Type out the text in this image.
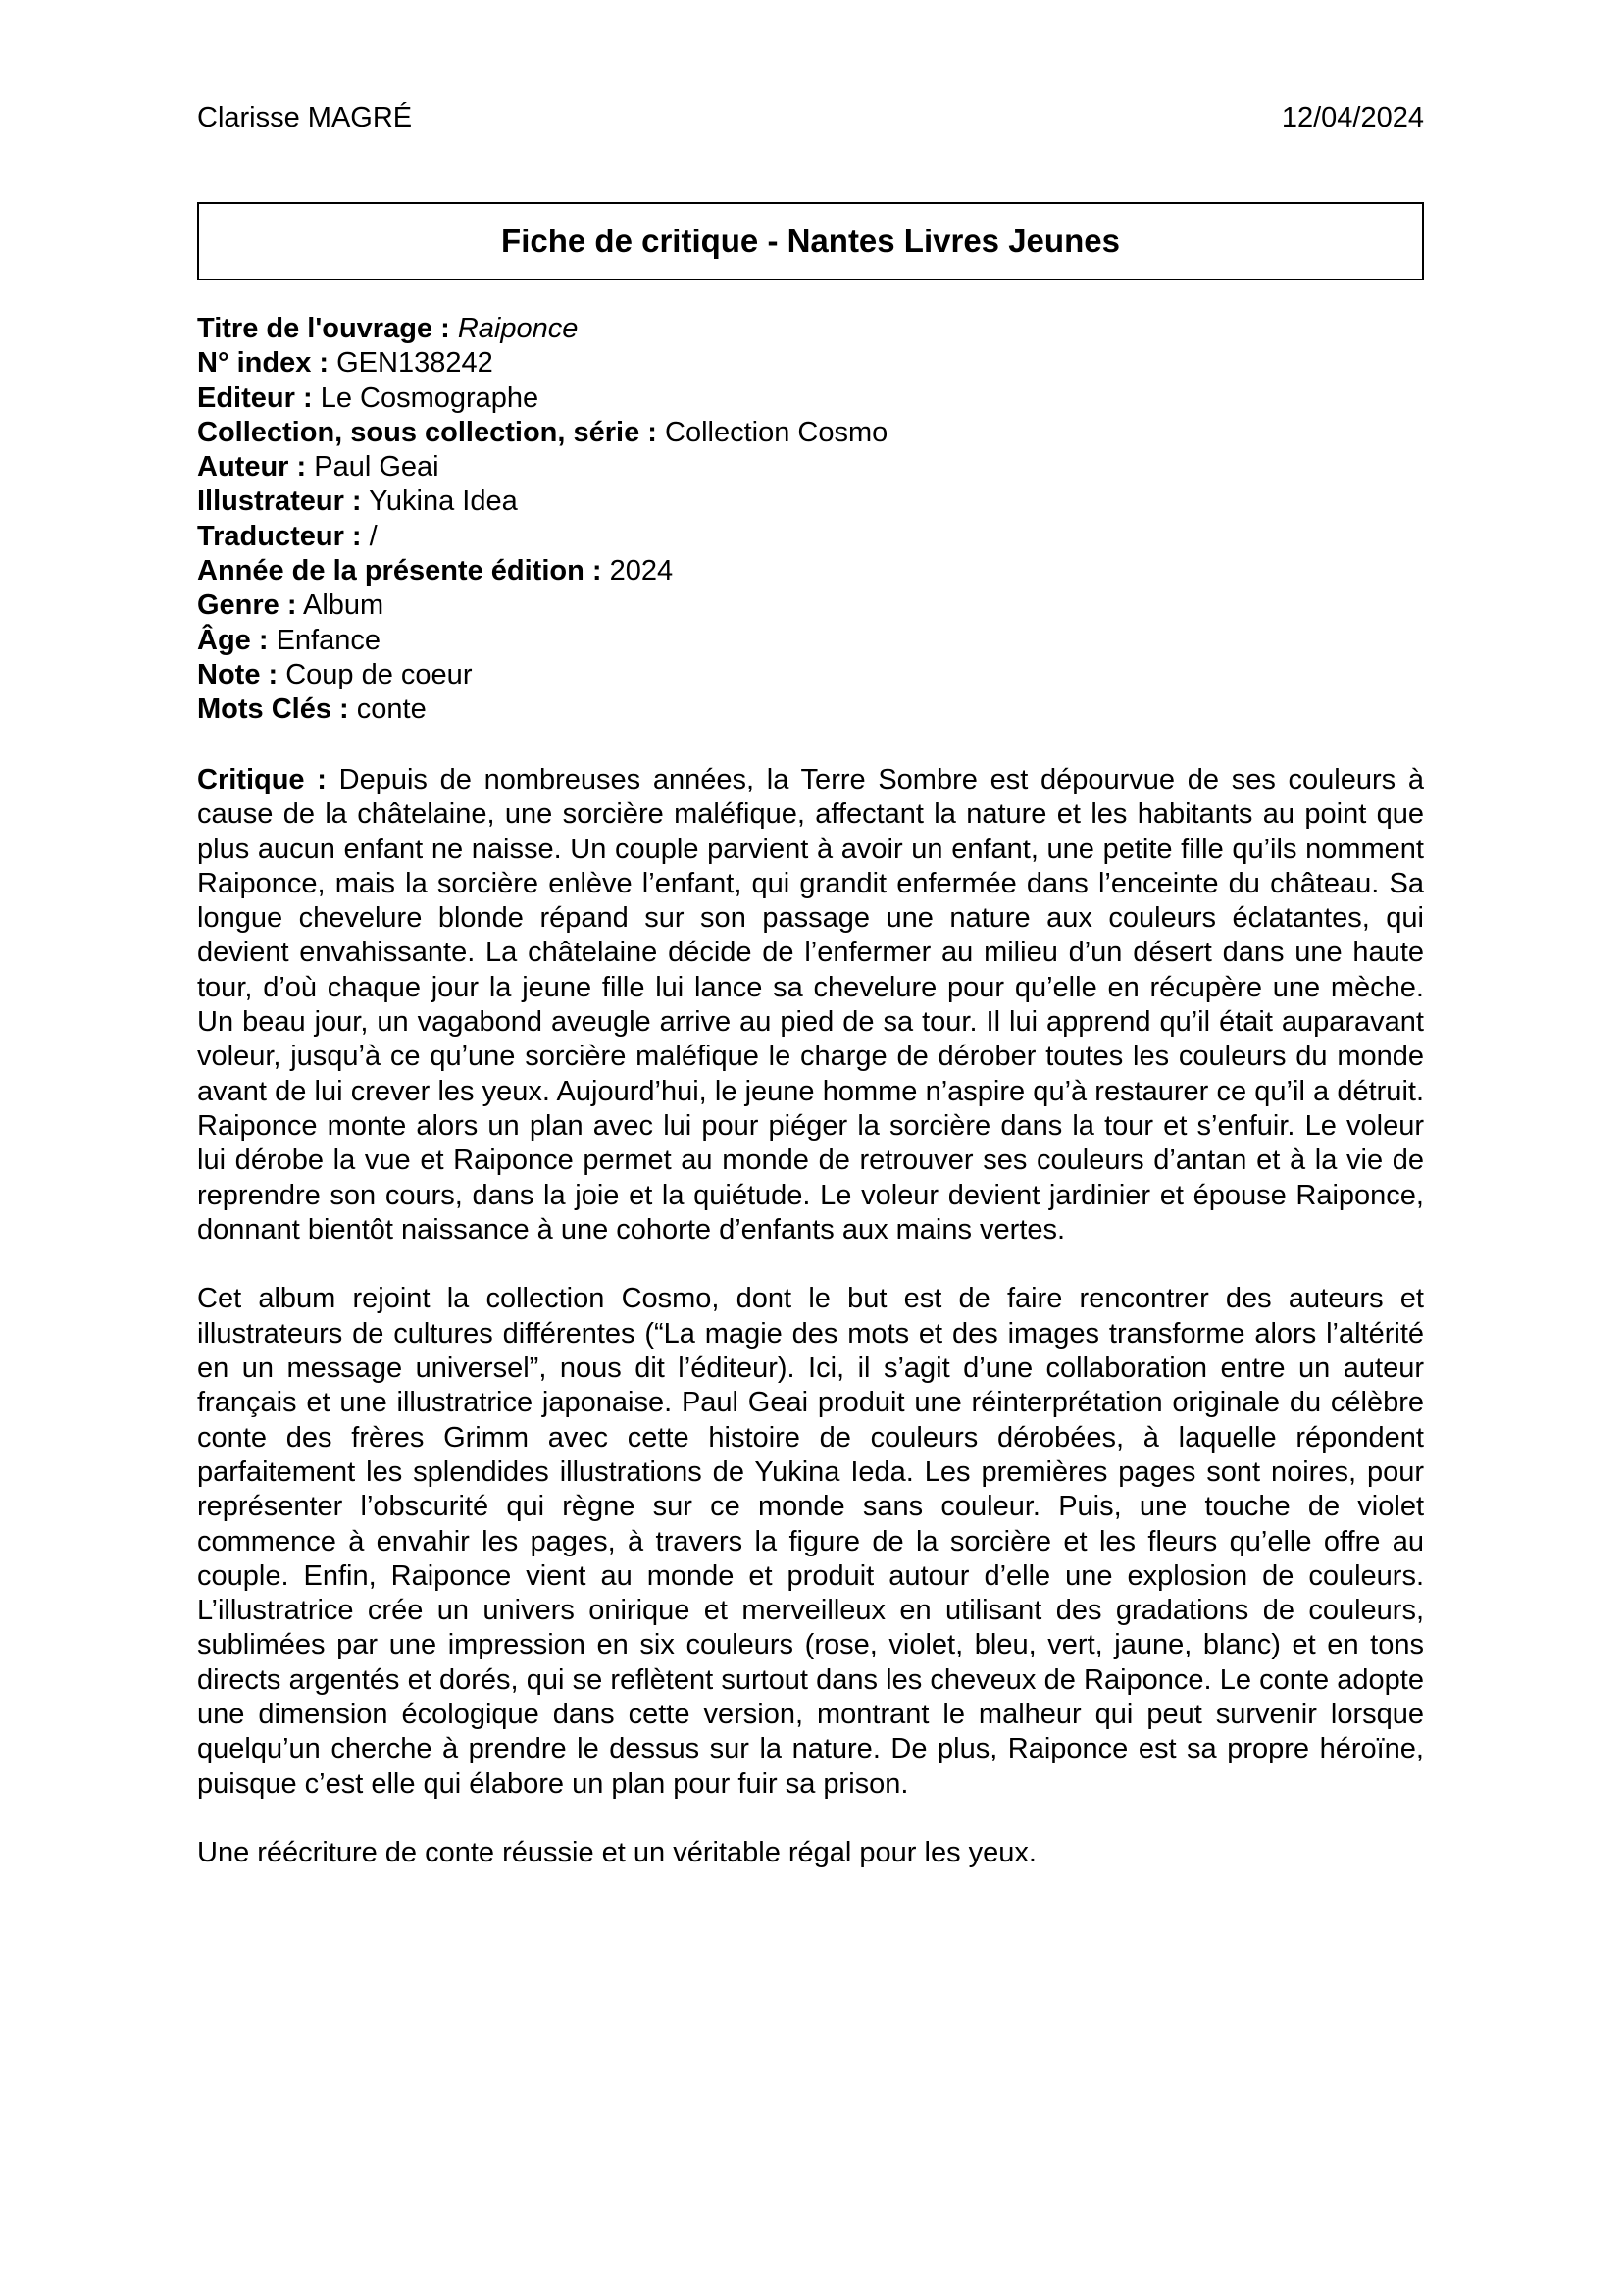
Clarisse MAGRÉ	12/04/2024
Fiche de critique - Nantes Livres Jeunes
Titre de l'ouvrage : Raiponce
N° index : GEN138242
Editeur : Le Cosmographe
Collection, sous collection, série : Collection Cosmo
Auteur : Paul Geai
Illustrateur : Yukina Idea
Traducteur : /
Année de la présente édition : 2024
Genre : Album
Âge : Enfance
Note : Coup de coeur
Mots Clés : conte

Critique : Depuis de nombreuses années, la Terre Sombre est dépourvue de ses couleurs à cause de la châtelaine, une sorcière maléfique, affectant la nature et les habitants au point que plus aucun enfant ne naisse. Un couple parvient à avoir un enfant, une petite fille qu’ils nomment Raiponce, mais la sorcière enlève l’enfant, qui grandit enfermée dans l’enceinte du château. Sa longue chevelure blonde répand sur son passage une nature aux couleurs éclatantes, qui devient envahissante. La châtelaine décide de l’enfermer au milieu d’un désert dans une haute tour, d’où chaque jour la jeune fille lui lance sa chevelure pour qu’elle en récupère une mèche. Un beau jour, un vagabond aveugle arrive au pied de sa tour. Il lui apprend qu’il était auparavant voleur, jusqu’à ce qu’une sorcière maléfique le charge de dérober toutes les couleurs du monde avant de lui crever les yeux. Aujourd’hui, le jeune homme n’aspire qu’à restaurer ce qu’il a détruit. Raiponce monte alors un plan avec lui pour piéger la sorcière dans la tour et s’enfuir. Le voleur lui dérobe la vue et Raiponce permet au monde de retrouver ses couleurs d’antan et à la vie de reprendre son cours, dans la joie et la quiétude. Le voleur devient jardinier et épouse Raiponce, donnant bientôt naissance à une cohorte d’enfants aux mains vertes.

Cet album rejoint la collection Cosmo, dont le but est de faire rencontrer des auteurs et illustrateurs de cultures différentes (“La magie des mots et des images transforme alors l’altérité en un message universel”, nous dit l’éditeur). Ici, il s’agit d’une collaboration entre un auteur français et une illustratrice japonaise. Paul Geai produit une réinterprétation originale du célèbre conte des frères Grimm avec cette histoire de couleurs dérobées, à laquelle répondent parfaitement les splendides illustrations de Yukina Ieda. Les premières pages sont noires, pour représenter l’obscurité qui règne sur ce monde sans couleur. Puis, une touche de violet commence à envahir les pages, à travers la figure de la sorcière et les fleurs qu’elle offre au couple. Enfin, Raiponce vient au monde et produit autour d’elle une explosion de couleurs. L’illustratrice crée un univers onirique et merveilleux en utilisant des gradations de couleurs, sublimées par une impression en six couleurs (rose, violet, bleu, vert, jaune, blanc) et en tons directs argentés et dorés, qui se reflètent surtout dans les cheveux de Raiponce. Le conte adopte une dimension écologique dans cette version, montrant le malheur qui peut survenir lorsque quelqu’un cherche à prendre le dessus sur la nature. De plus, Raiponce est sa propre héroïne, puisque c’est elle qui élabore un plan pour fuir sa prison.

Une réécriture de conte réussie et un véritable régal pour les yeux.
